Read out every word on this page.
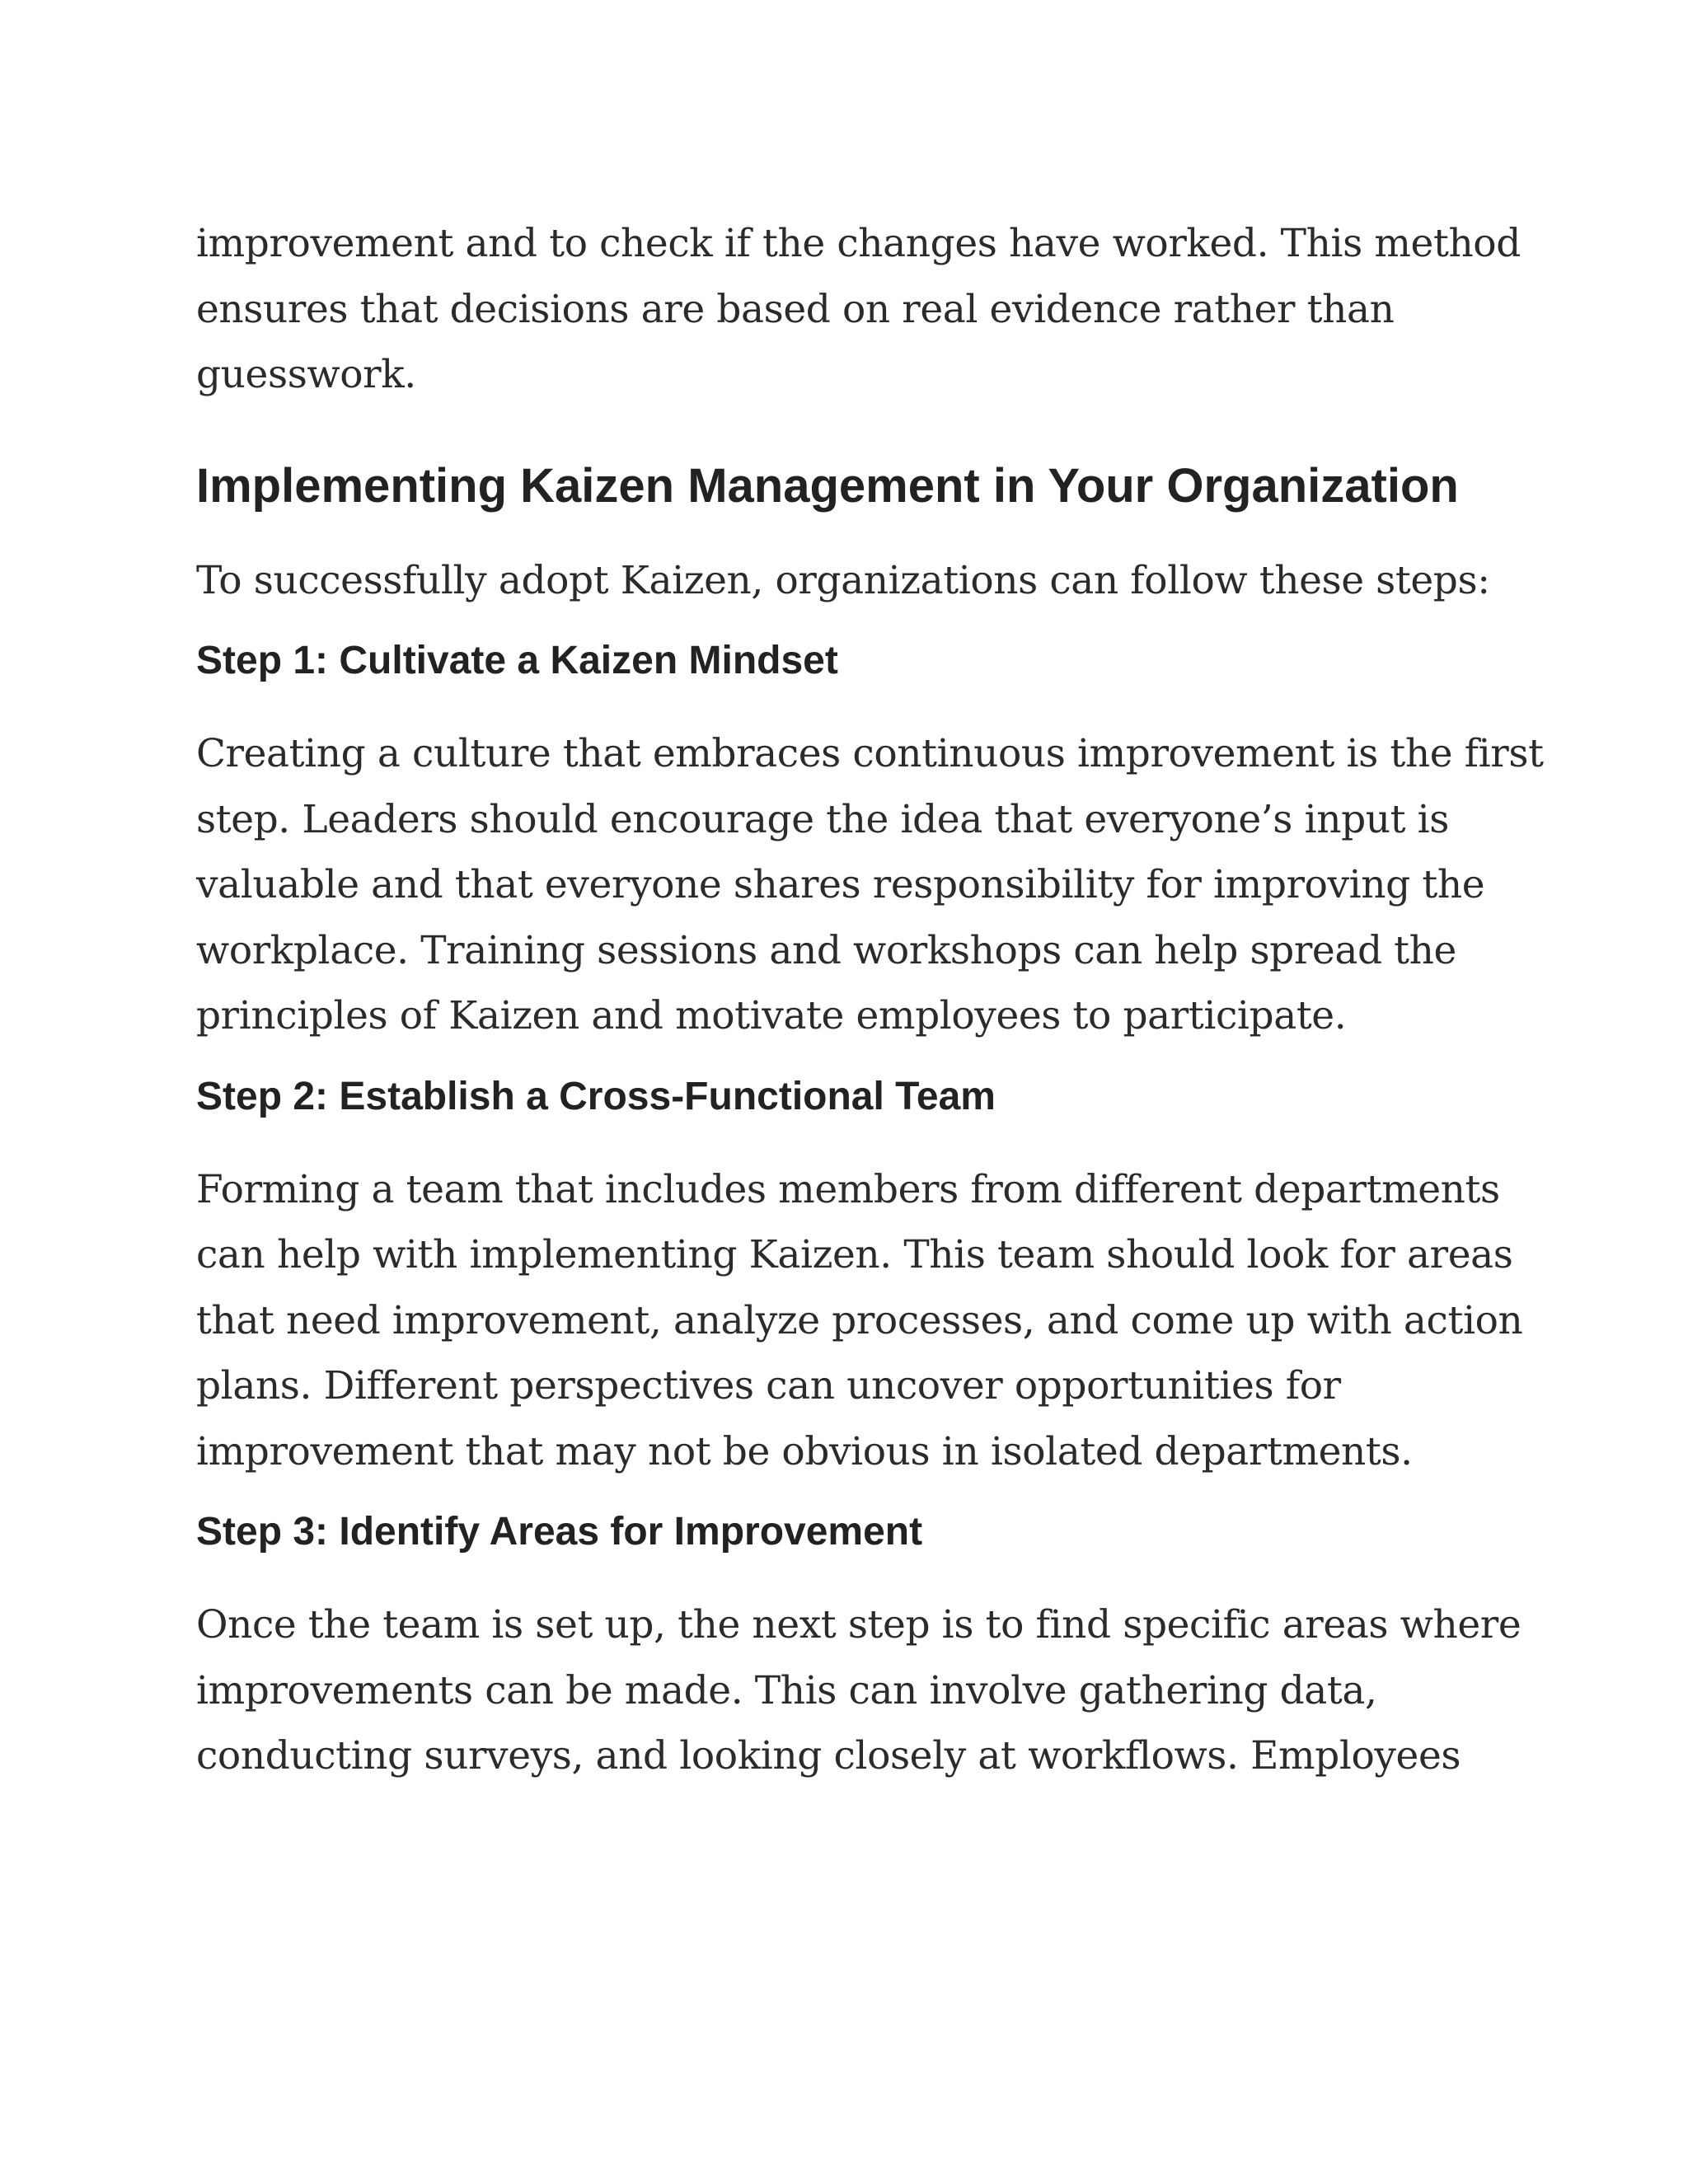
improvement and to check if the changes have worked. This method
ensures that decisions are based on real evidence rather than
guesswork.

Implementing Kaizen Management in Your Organization

To successfully adopt Kaizen, organizations can follow these steps:

Step 1: Cultivate a Kaizen Mindset

Creating a culture that embraces continuous improvement is the first
step. Leaders should encourage the idea that everyone’s input is
valuable and that everyone shares responsibility for improving the
workplace. Training sessions and workshops can help spread the
principles of Kaizen and motivate employees to participate.

Step 2: Establish a Cross-Functional Team

Forming a team that includes members from different departments
can help with implementing Kaizen. This team should look for areas
that need improvement, analyze processes, and come up with action
plans. Different perspectives can uncover opportunities for
improvement that may not be obvious in isolated departments.

Step 3: Identify Areas for Improvement

Once the team is set up, the next step is to find specific areas where
improvements can be made. This can involve gathering data,
conducting surveys, and looking closely at workflows. Employees
